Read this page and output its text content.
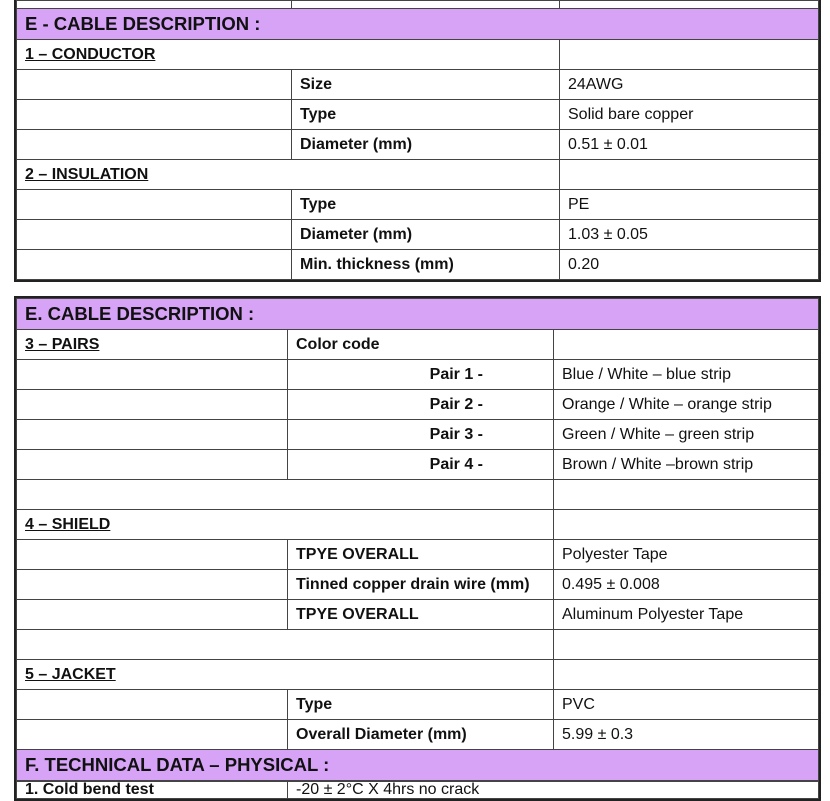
E - CABLE DESCRIPTION :		
1 – CONDUCTOR		
	Size	24AWG
	Type	Solid bare copper
	Diameter (mm)	0.51 ± 0.01
2 – INSULATION		
	Type	PE
	Diameter (mm)	1.03 ± 0.05
	Min. thickness (mm)	0.20
E. CABLE DESCRIPTION :		
3 – PAIRS	Color code	
	Pair 1 -	Blue / White – blue strip
	Pair 2 -	Orange / White – orange strip
	Pair 3 -	Green / White – green strip
	Pair 4 -	Brown / White –brown strip

4 – SHIELD		
	TPYE OVERALL	Polyester Tape
	Tinned copper drain wire (mm)	0.495 ± 0.008
	TPYE OVERALL	Aluminum Polyester Tape

5 – JACKET		
	Type	PVC
	Overall Diameter (mm)	5.99 ± 0.3
F. TECHNICAL DATA – PHYSICAL :		
1. Cold bend test	-20 ± 2°C X 4hrs no crack
